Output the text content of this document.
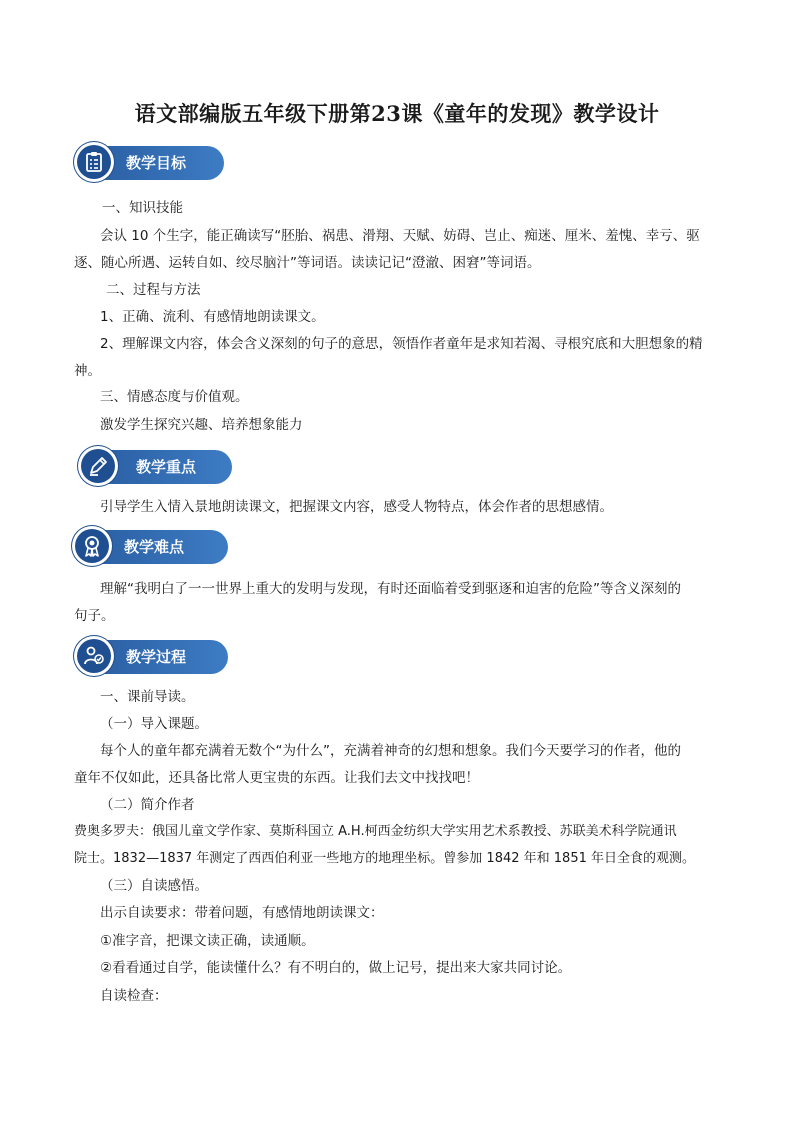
语文部编版五年级下册第23课《童年的发现》教学设计
教学目标
一、知识技能
会认 10 个生字，能正确读写“胚胎、祸患、滑翔、天赋、妨碍、岂止、痴迷、厘米、羞愧、幸亏、驱
逐、随心所遇、运转自如、绞尽脑汁”等词语。读读记记“澄澈、困窘”等词语。
二、过程与方法
1、正确、流利、有感情地朗读课文。
2、理解课文内容，体会含义深刻的句子的意思，领悟作者童年是求知若渴、寻根究底和大胆想象的精
神。
三、情感态度与价值观。
激发学生探究兴趣、培养想象能力
教学重点
引导学生入情入景地朗读课文，把握课文内容，感受人物特点，体会作者的思想感情。
教学难点
理解“我明白了一一世界上重大的发明与发现，有时还面临着受到驱逐和迫害的危险”等含义深刻的
句子。
教学过程
一、课前导读。
（一）导入课题。
每个人的童年都充满着无数个“为什么”，充满着神奇的幻想和想象。我们今天要学习的作者，他的
童年不仅如此，还具备比常人更宝贵的东西。让我们去文中找找吧！
（二）简介作者
费奥多罗夫：俄国儿童文学作家、莫斯科国立 A.H.柯西金纺织大学实用艺术系教授、苏联美术科学院通讯
院士。1832—1837 年测定了西西伯利亚一些地方的地理坐标。曾参加 1842 年和 1851 年日全食的观测。
（三）自读感悟。
出示自读要求：带着问题，有感情地朗读课文：
①准字音，把课文读正确，读通顺。
②看看通过自学，能读懂什么？有不明白的，做上记号，提出来大家共同讨论。
自读检查：
